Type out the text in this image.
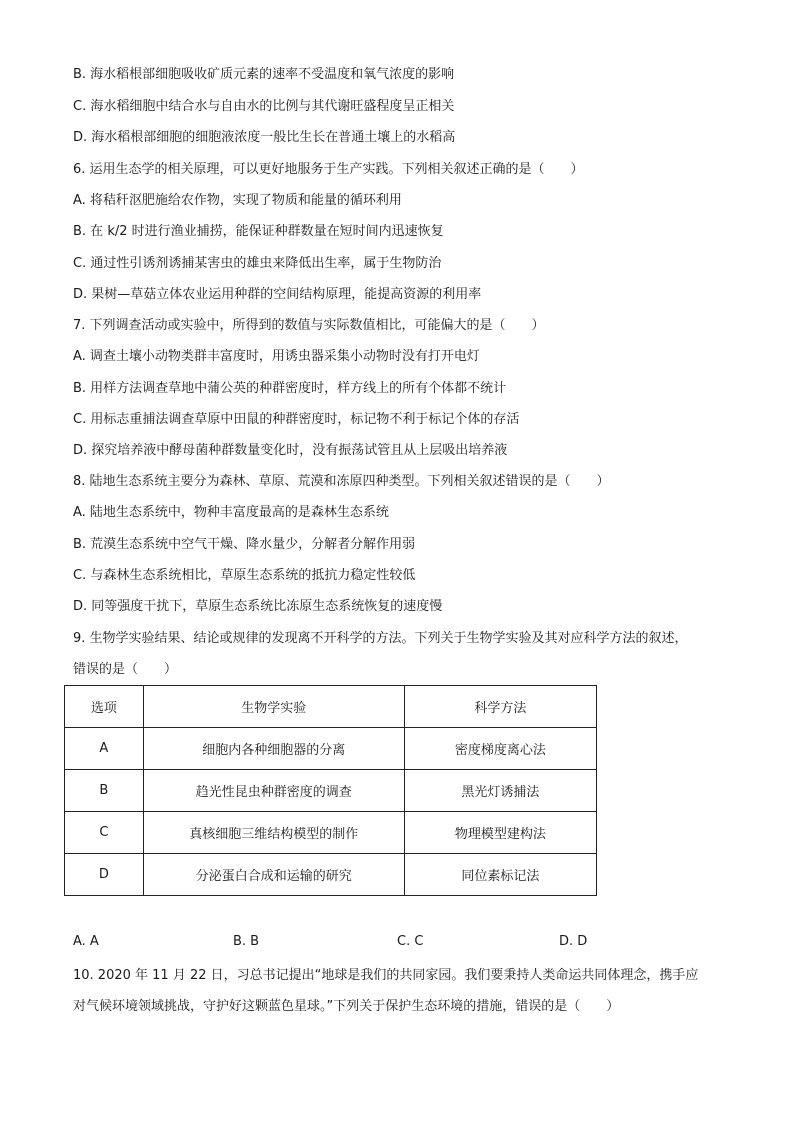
B. 海水稻根部细胞吸收矿质元素的速率不受温度和氧气浓度的影响
C. 海水稻细胞中结合水与自由水的比例与其代谢旺盛程度呈正相关
D. 海水稻根部细胞的细胞液浓度一般比生长在普通土壤上的水稻高
6. 运用生态学的相关原理，可以更好地服务于生产实践。下列相关叙述正确的是（　　）
A. 将秸秆沤肥施给农作物，实现了物质和能量的循环利用
B. 在 k/2 时进行渔业捕捞，能保证种群数量在短时间内迅速恢复
C. 通过性引诱剂诱捕某害虫的雄虫来降低出生率，属于生物防治
D. 果树—草菇立体农业运用种群的空间结构原理，能提高资源的利用率
7. 下列调查活动或实验中，所得到的数值与实际数值相比，可能偏大的是（　　）
A. 调查土壤小动物类群丰富度时，用诱虫器采集小动物时没有打开电灯
B. 用样方法调查草地中蒲公英的种群密度时，样方线上的所有个体都不统计
C. 用标志重捕法调查草原中田鼠的种群密度时，标记物不利于标记个体的存活
D. 探究培养液中酵母菌种群数量变化时，没有振荡试管且从上层吸出培养液
8. 陆地生态系统主要分为森林、草原、荒漠和冻原四种类型。下列相关叙述错误的是（　　）
A. 陆地生态系统中，物种丰富度最高的是森林生态系统
B. 荒漠生态系统中空气干燥、降水量少，分解者分解作用弱
C. 与森林生态系统相比，草原生态系统的抵抗力稳定性较低
D. 同等强度干扰下，草原生态系统比冻原生态系统恢复的速度慢
9. 生物学实验结果、结论或规律的发现离不开科学的方法。下列关于生物学实验及其对应科学方法的叙述，
错误的是（　　）
选项	生物学实验	科学方法
A	细胞内各种细胞器的分离	密度梯度离心法
B	趋光性昆虫种群密度的调查	黑光灯诱捕法
C	真核细胞三维结构模型的制作	物理模型建构法
D	分泌蛋白合成和运输的研究	同位素标记法
A. A	B. B	C. C	D. D
10. 2020 年 11 月 22 日，习总书记提出“地球是我们的共同家园。我们要秉持人类命运共同体理念，携手应
对气候环境领域挑战，守护好这颗蓝色星球。”下列关于保护生态环境的措施，错误的是（　　）
